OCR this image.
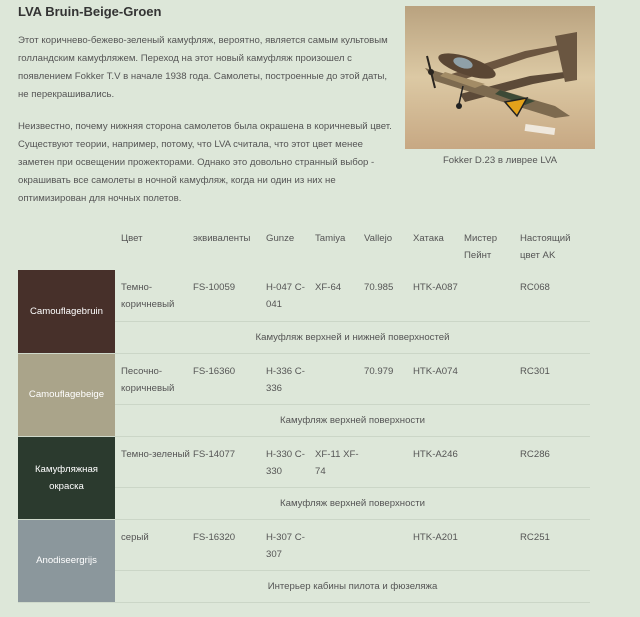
LVA Bruin-Beige-Groen

Этот коричнево-бежево-зеленый камуфляж, вероятно, является самым культовым голландским камуфляжем. Переход на этот новый камуфляж произошел с появлением Fokker T.V в начале 1938 года. Самолеты, построенные до этой даты, не перекрашивались.

Неизвестно, почему нижняя сторона самолетов была окрашена в коричневый цвет. Существуют теории, например, потому, что LVA считала, что этот цвет менее заметен при освещении прожекторами. Однако это довольно странный выбор - окрашивать все самолеты в ночной камуфляж, когда ни один из них не оптимизирован для ночных полетов.

Fokker D.23 в ливрее LVA
	Цвет	эквиваленты	Gunze	Tamiya	Vallejo	Хатака	Мистер Пейнт	Настоящий цвет AK
Camouflagebruin	Темно-коричневый	FS-10059	H-047 C-041	XF-64	70.985	HTK-A087		RC068
	Камуфляж верхней и нижней поверхностей							
Camouflagebeige	Песочно-коричневый	FS-16360	H-336 C-336		70.979	HTK-A074		RC301
	Камуфляж верхней поверхности							
Камуфляжная окраска	Темно-зеленый	FS-14077	H-330 C-330	XF-11 XF-74		HTK-A246		RC286
	Камуфляж верхней поверхности							
Anodiseergrijs	серый	FS-16320	H-307 C-307			HTK-A201		RC251
	Интерьер кабины пилота и фюзеляжа							
